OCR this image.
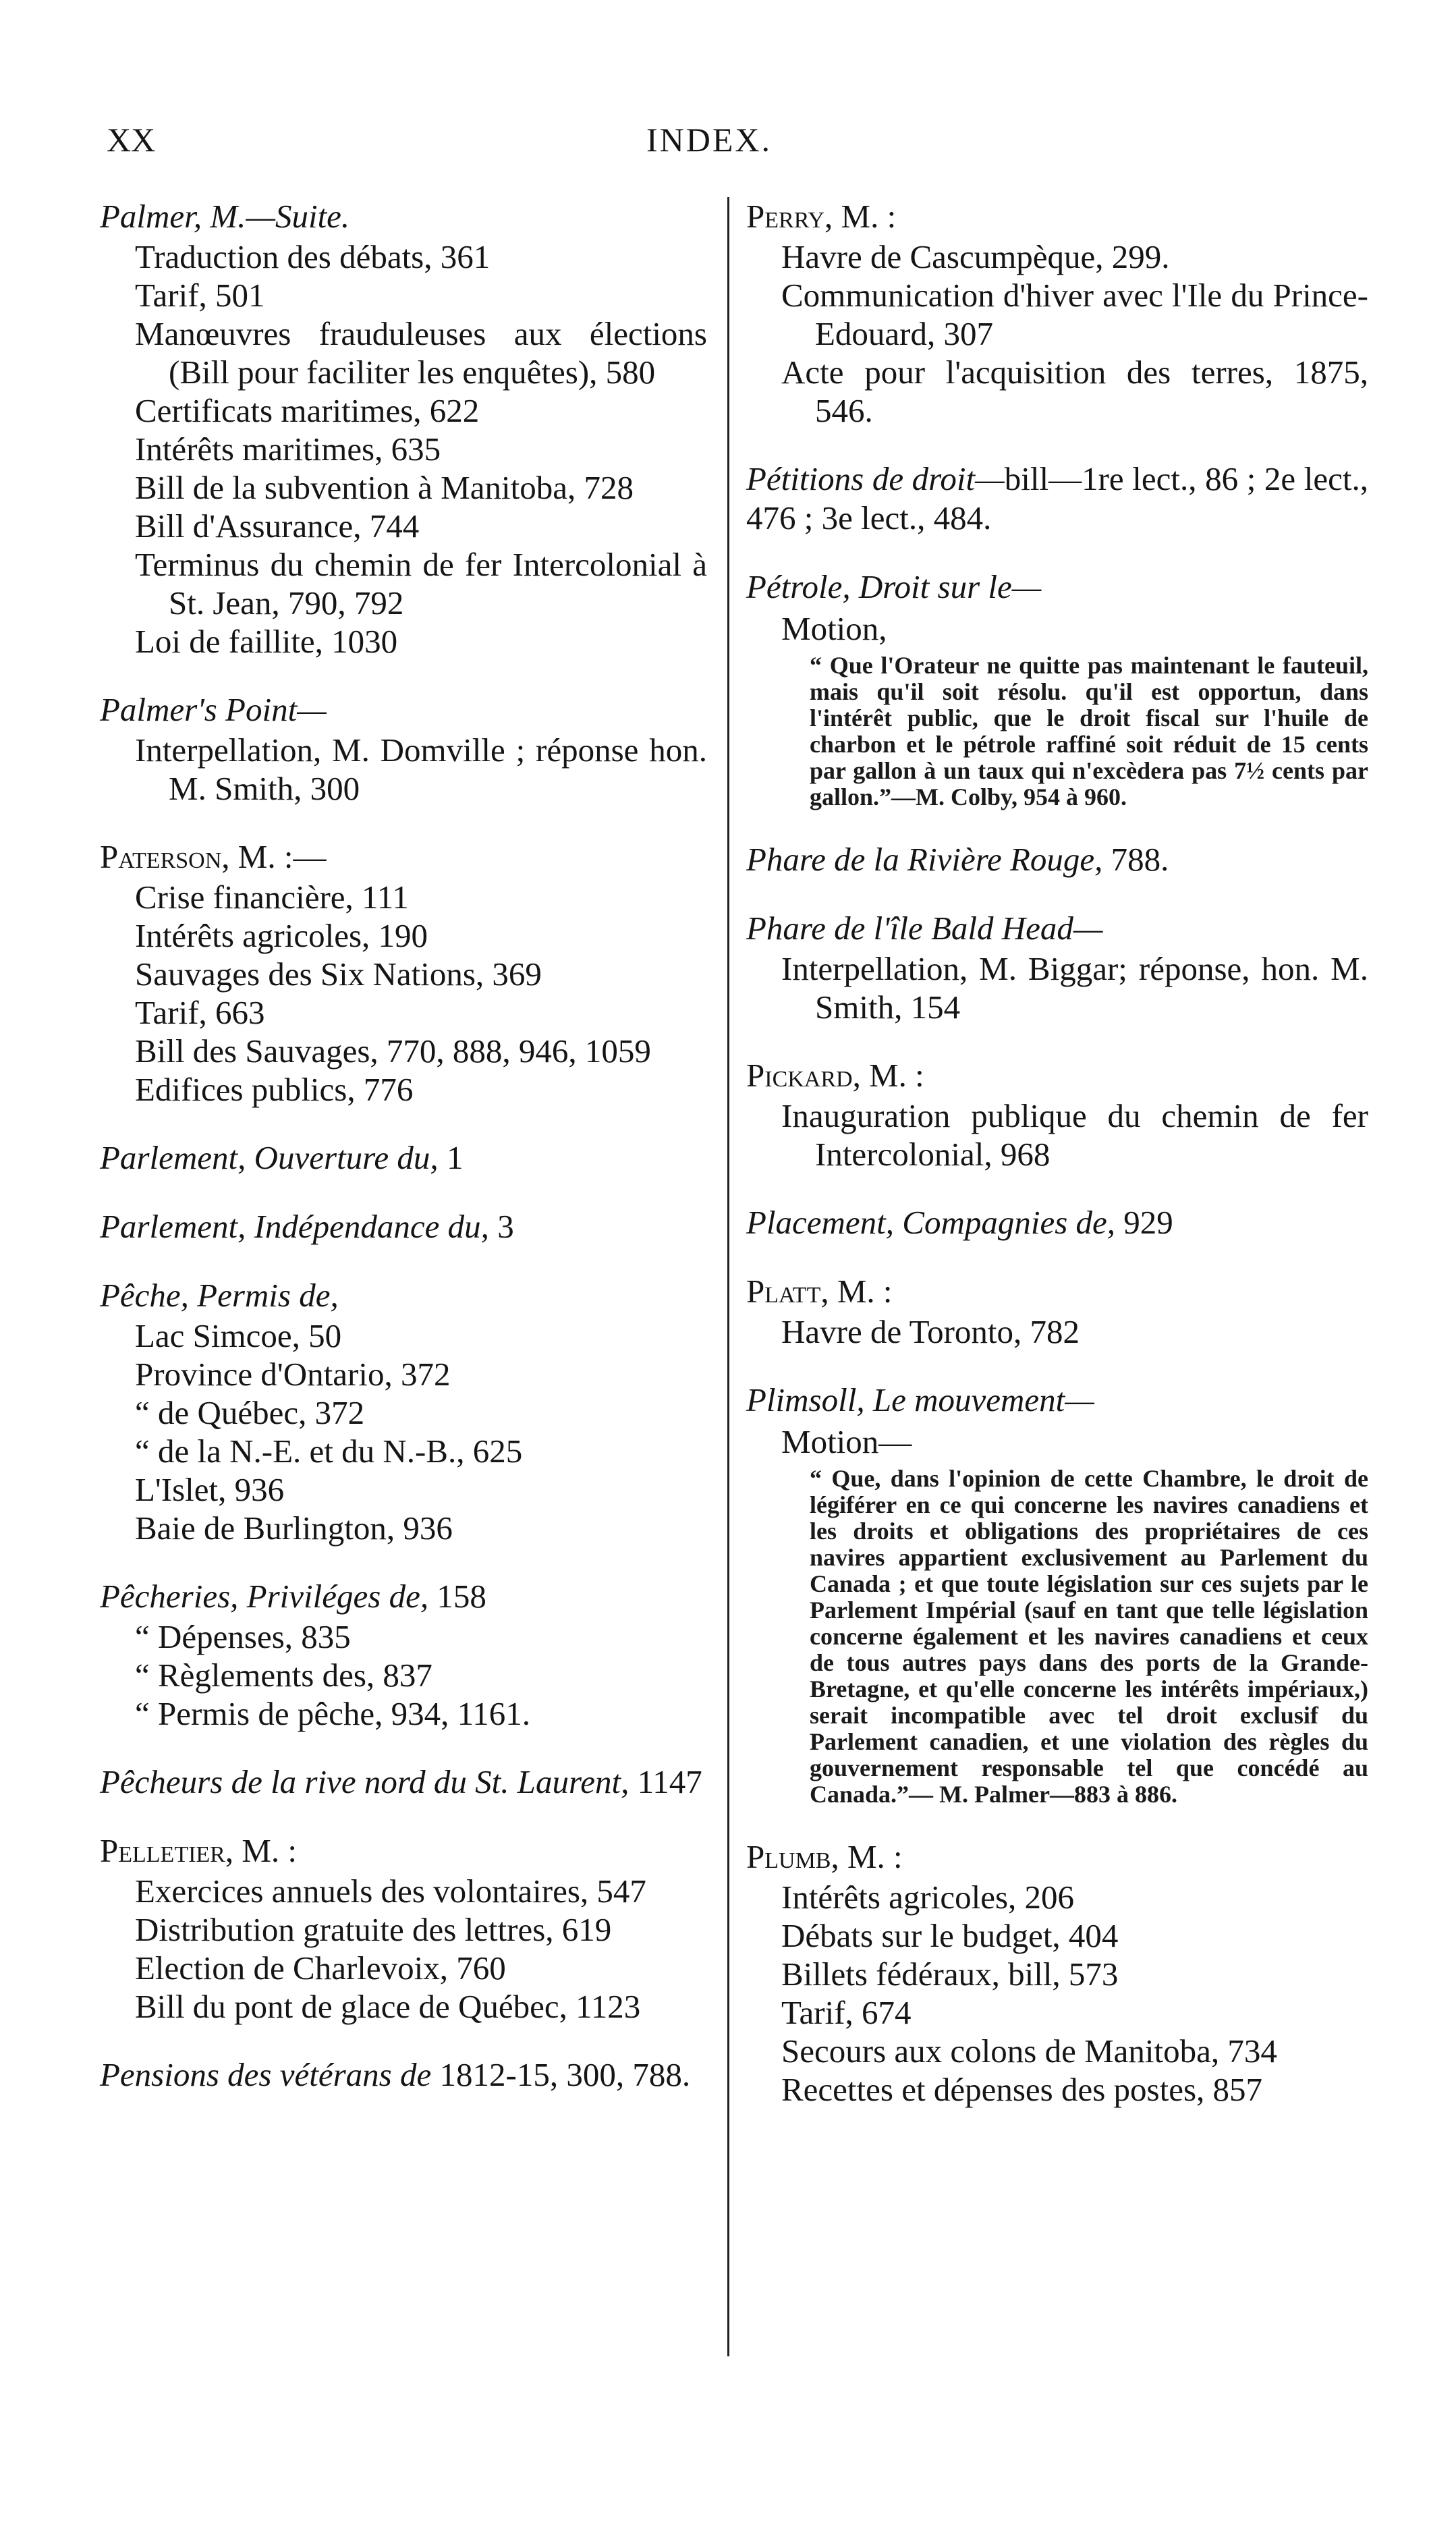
XX	INDEX.
Palmer, M.—Suite.
Traduction des débats, 361
Tarif, 501
Manœuvres frauduleuses aux élections (Bill pour faciliter les enquêtes), 580
Certificats maritimes, 622
Intérêts maritimes, 635
Bill de la subvention à Manitoba, 728
Bill d'Assurance, 744
Terminus du chemin de fer Intercolonial à St. Jean, 790, 792
Loi de faillite, 1030
Palmer's Point—
Interpellation, M. Domville ; réponse hon. M. Smith, 300
Paterson, M. :—
Crise financière, 111
Intérêts agricoles, 190
Sauvages des Six Nations, 369
Tarif, 663
Bill des Sauvages, 770, 888, 946, 1059
Edifices publics, 776
Parlement, Ouverture du, 1
Parlement, Indépendance du, 3
Pêche, Permis de,
Lac Simcoe, 50
Province d'Ontario, 372
“ de Québec, 372
“ de la N.-E. et du N.-B., 625
L'Islet, 936
Baie de Burlington, 936
Pêcheries, Priviléges de, 158
“ Dépenses, 835
“ Règlements des, 837
“ Permis de pêche, 934, 1161.
Pêcheurs de la rive nord du St. Laurent, 1147
Pelletier, M. :
Exercices annuels des volontaires, 547
Distribution gratuite des lettres, 619
Election de Charlevoix, 760
Bill du pont de glace de Québec, 1123
Pensions des vétérans de 1812-15, 300, 788.
Perry, M. :
Havre de Cascumpèque, 299.
Communication d'hiver avec l'Ile du Prince-Edouard, 307
Acte pour l'acquisition des terres, 1875, 546.
Pétitions de droit—bill—1re lect., 86 ; 2e lect., 476 ; 3e lect., 484.
Pétrole, Droit sur le—
Motion,
“ Que l'Orateur ne quitte pas maintenant le fauteuil, mais qu'il soit résolu. qu'il est opportun, dans l'intérêt public, que le droit fiscal sur l'huile de charbon et le pétrole raffiné soit réduit de 15 cents par gallon à un taux qui n'excèdera pas 7½ cents par gallon.”—M. Colby, 954 à 960.
Phare de la Rivière Rouge, 788.
Phare de l'île Bald Head—
Interpellation, M. Biggar; réponse, hon. M. Smith, 154
Pickard, M. :
Inauguration publique du chemin de fer Intercolonial, 968
Placement, Compagnies de, 929
Platt, M. :
Havre de Toronto, 782
Plimsoll, Le mouvement—
Motion—
“ Que, dans l'opinion de cette Chambre, le droit de légiférer en ce qui concerne les navires canadiens et les droits et obligations des propriétaires de ces navires appartient exclusivement au Parlement du Canada ; et que toute législation sur ces sujets par le Parlement Impérial (sauf en tant que telle législation concerne également et les navires canadiens et ceux de tous autres pays dans des ports de la Grande-Bretagne, et qu'elle concerne les intérêts impériaux,) serait incompatible avec tel droit exclusif du Parlement canadien, et une violation des règles du gouvernement responsable tel que concédé au Canada.”— M. Palmer—883 à 886.
Plumb, M. :
Intérêts agricoles, 206
Débats sur le budget, 404
Billets fédéraux, bill, 573
Tarif, 674
Secours aux colons de Manitoba, 734
Recettes et dépenses des postes, 857
